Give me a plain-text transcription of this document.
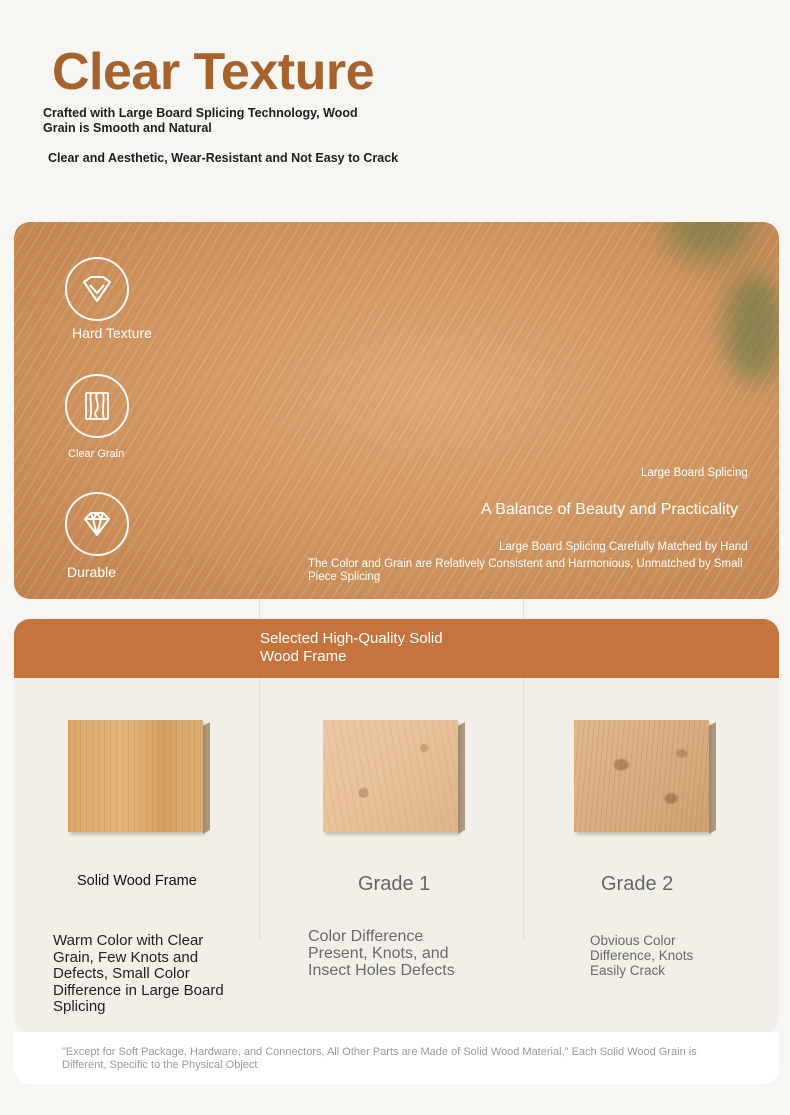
Clear Texture
Crafted with Large Board Splicing Technology, Wood Grain is Smooth and Natural
Clear and Aesthetic, Wear-Resistant and Not Easy to Crack
Hard Texture
Clear Grain
Durable
Large Board Splicing
A Balance of Beauty and Practicality
Large Board Splicing Carefully Matched by Hand
The Color and Grain are Relatively Consistent and Harmonious, Unmatched by Small Piece Splicing
Selected High-Quality Solid Wood Frame
Solid Wood Frame	Grade 1	Grade 2
Warm Color with Clear Grain, Few Knots and Defects, Small Color Difference in Large Board Splicing
Color Difference Present, Knots, and Insect Holes Defects
Obvious Color Difference, Knots Easily Crack
"Except for Soft Package, Hardware, and Connectors, All Other Parts are Made of Solid Wood Material," Each Solid Wood Grain is Different, Specific to the Physical Object
